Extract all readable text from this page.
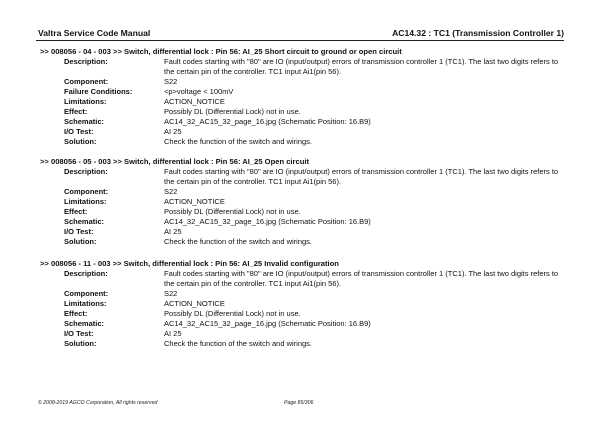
Valtra Service Code Manual	AC14.32 : TC1 (Transmission Controller 1)
>> 008056 - 04 - 003 >> Switch, differential lock : Pin 56: AI_25 Short circuit to ground or open circuit
Description:	Fault codes starting with "80" are IO (input/output) errors of transmission controller 1 (TC1). The last two digits refers to the certain pin of the controller. TC1 input Ai1(pin 56).
Component:	S22
Failure Conditions:	<p>voltage < 100mV
Limitations:	ACTION_NOTICE
Effect:	Possibly DL (Differential Lock) not in use.
Schematic:	AC14_32_AC15_32_page_16.jpg (Schematic Position: 16.B9)
I/O Test:	AI 25
Solution:	Check the function of the switch and wirings.
>> 008056 - 05 - 003 >> Switch, differential lock : Pin 56: AI_25 Open circuit
Description:	Fault codes starting with "80" are IO (input/output) errors of transmission controller 1 (TC1). The last two digits refers to the certain pin of the controller. TC1 input Ai1(pin 56).
Component:	S22
Limitations:	ACTION_NOTICE
Effect:	Possibly DL (Differential Lock) not in use.
Schematic:	AC14_32_AC15_32_page_16.jpg (Schematic Position: 16.B9)
I/O Test:	AI 25
Solution:	Check the function of the switch and wirings.
>> 008056 - 11 - 003 >> Switch, differential lock : Pin 56: AI_25 Invalid configuration
Description:	Fault codes starting with "80" are IO (input/output) errors of transmission controller 1 (TC1). The last two digits refers to the certain pin of the controller. TC1 input Ai1(pin 56).
Component:	S22
Limitations:	ACTION_NOTICE
Effect:	Possibly DL (Differential Lock) not in use.
Schematic:	AC14_32_AC15_32_page_16.jpg (Schematic Position: 16.B9)
I/O Test:	AI 25
Solution:	Check the function of the switch and wirings.
© 2008-2019 AGCO Corporation, All rights reserved	Page 85/306
